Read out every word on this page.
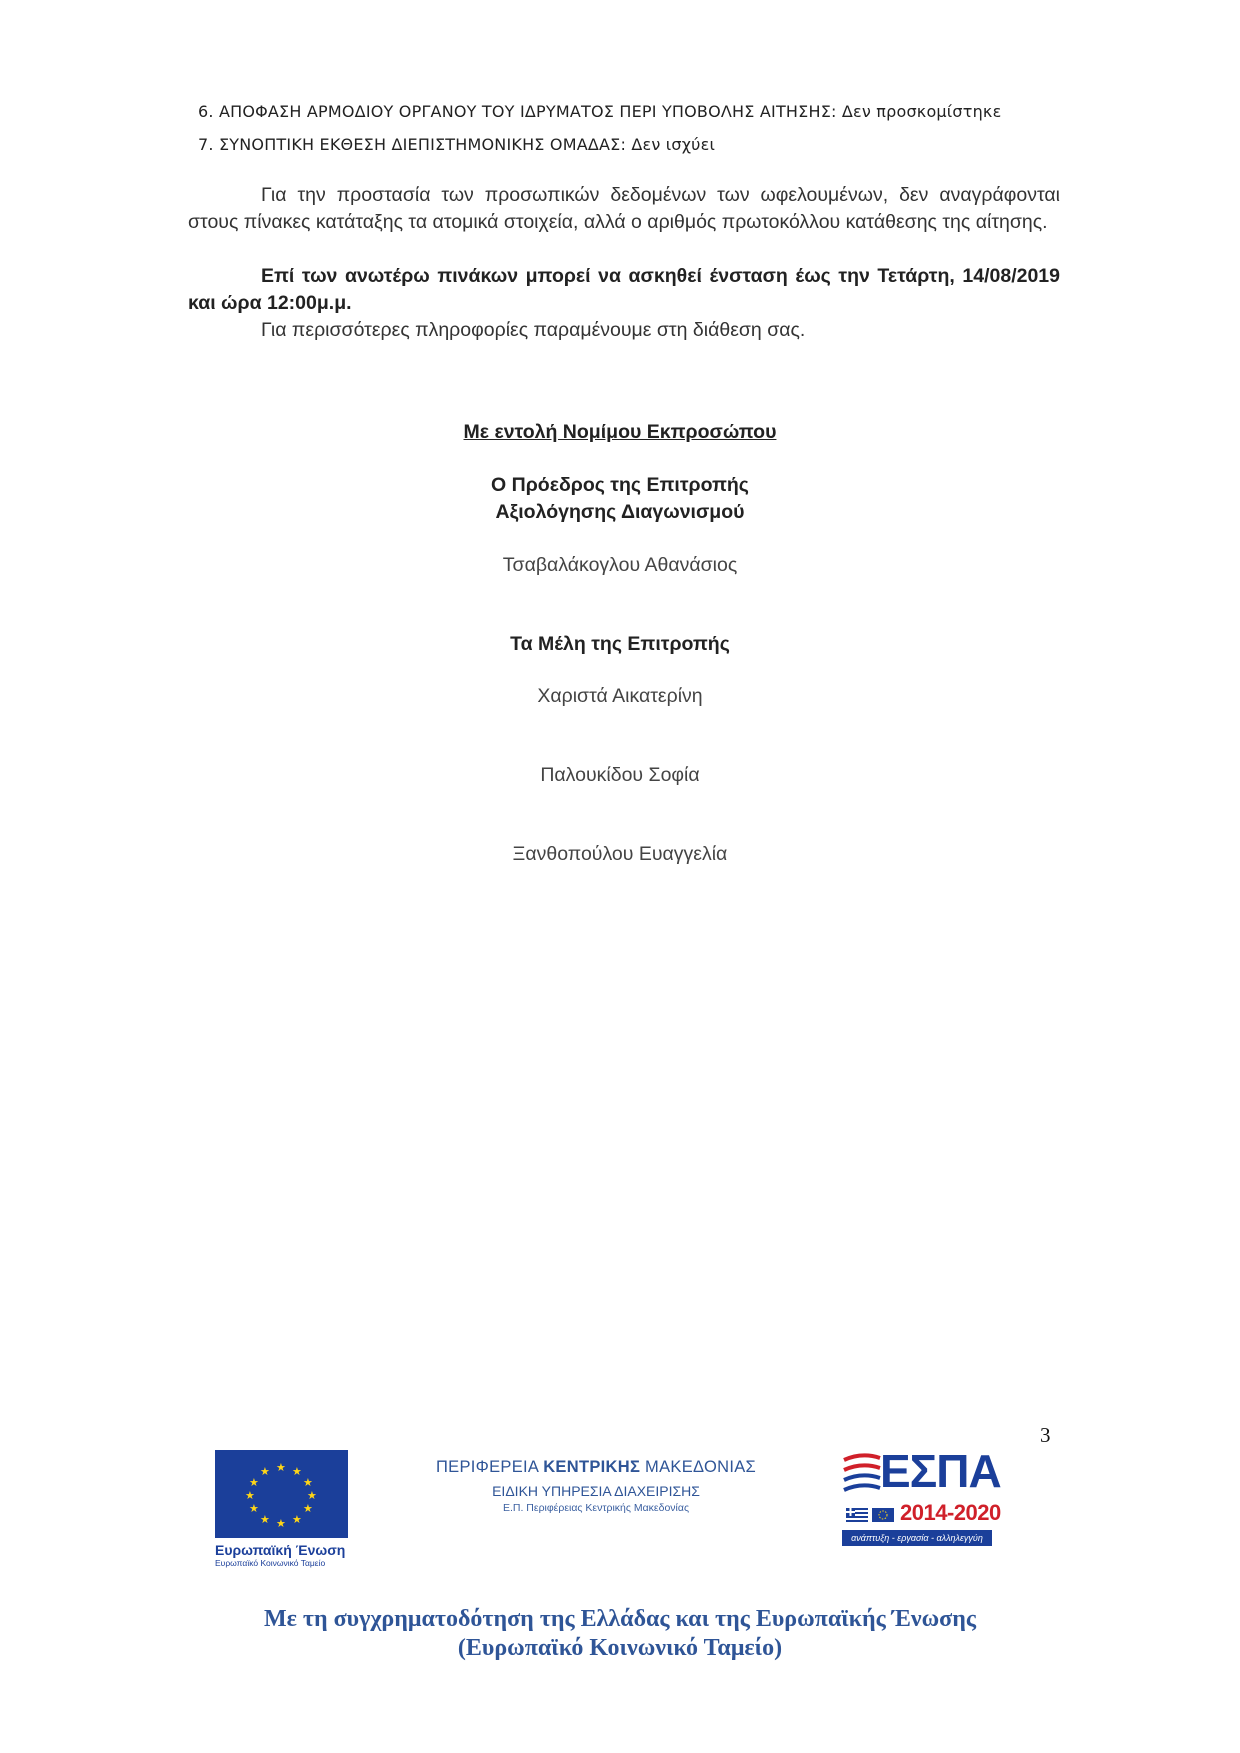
6. ΑΠΟΦΑΣΗ ΑΡΜΟΔΙΟΥ ΟΡΓΑΝΟΥ ΤΟΥ ΙΔΡΥΜΑΤΟΣ ΠΕΡΙ ΥΠΟΒΟΛΗΣ ΑΙΤΗΣΗΣ: Δεν προσκομίστηκε
7. ΣΥΝΟΠΤΙΚΗ ΕΚΘΕΣΗ ΔΙΕΠΙΣΤΗΜΟΝΙΚΗΣ ΟΜΑΔΑΣ: Δεν ισχύει
Για την προστασία των προσωπικών δεδομένων των ωφελουμένων, δεν αναγράφονται στους πίνακες κατάταξης τα ατομικά στοιχεία, αλλά ο αριθμός πρωτοκόλλου κατάθεσης της αίτησης.
Επί των ανωτέρω πινάκων μπορεί να ασκηθεί ένσταση έως την Τετάρτη, 14/08/2019 και ώρα 12:00μ.μ.
Για περισσότερες πληροφορίες παραμένουμε στη διάθεση σας.
Με εντολή Νομίμου Εκπροσώπου
Ο Πρόεδρος της Επιτροπής
Αξιολόγησης Διαγωνισμού
Τσαβαλάκογλου Αθανάσιος
Τα Μέλη της Επιτροπής
Χαριστά Αικατερίνη
Παλουκίδου Σοφία
Ξανθοπούλου Ευαγγελία
3
★ ★
★
★
★
★
★
★
★
★
★
★
Ευρωπαϊκή Ένωση
Ευρωπαϊκό Κοινωνικό Ταμείο
ΠΕΡΙΦΕΡΕΙΑ ΚΕΝΤΡΙΚΗΣ ΜΑΚΕΔΟΝΙΑΣ
ΕΙΔΙΚΗ ΥΠΗΡΕΣΙΑ ΔΙΑΧΕΙΡΙΣΗΣ
Ε.Π. Περιφέρειας Κεντρικής Μακεδονίας
ΕΣΠΑ
2014-2020
ανάπτυξη - εργασία - αλληλεγγύη
Με τη συγχρηματοδότηση της Ελλάδας και της Ευρωπαϊκής Ένωσης
(Ευρωπαϊκό Κοινωνικό Ταμείο)
